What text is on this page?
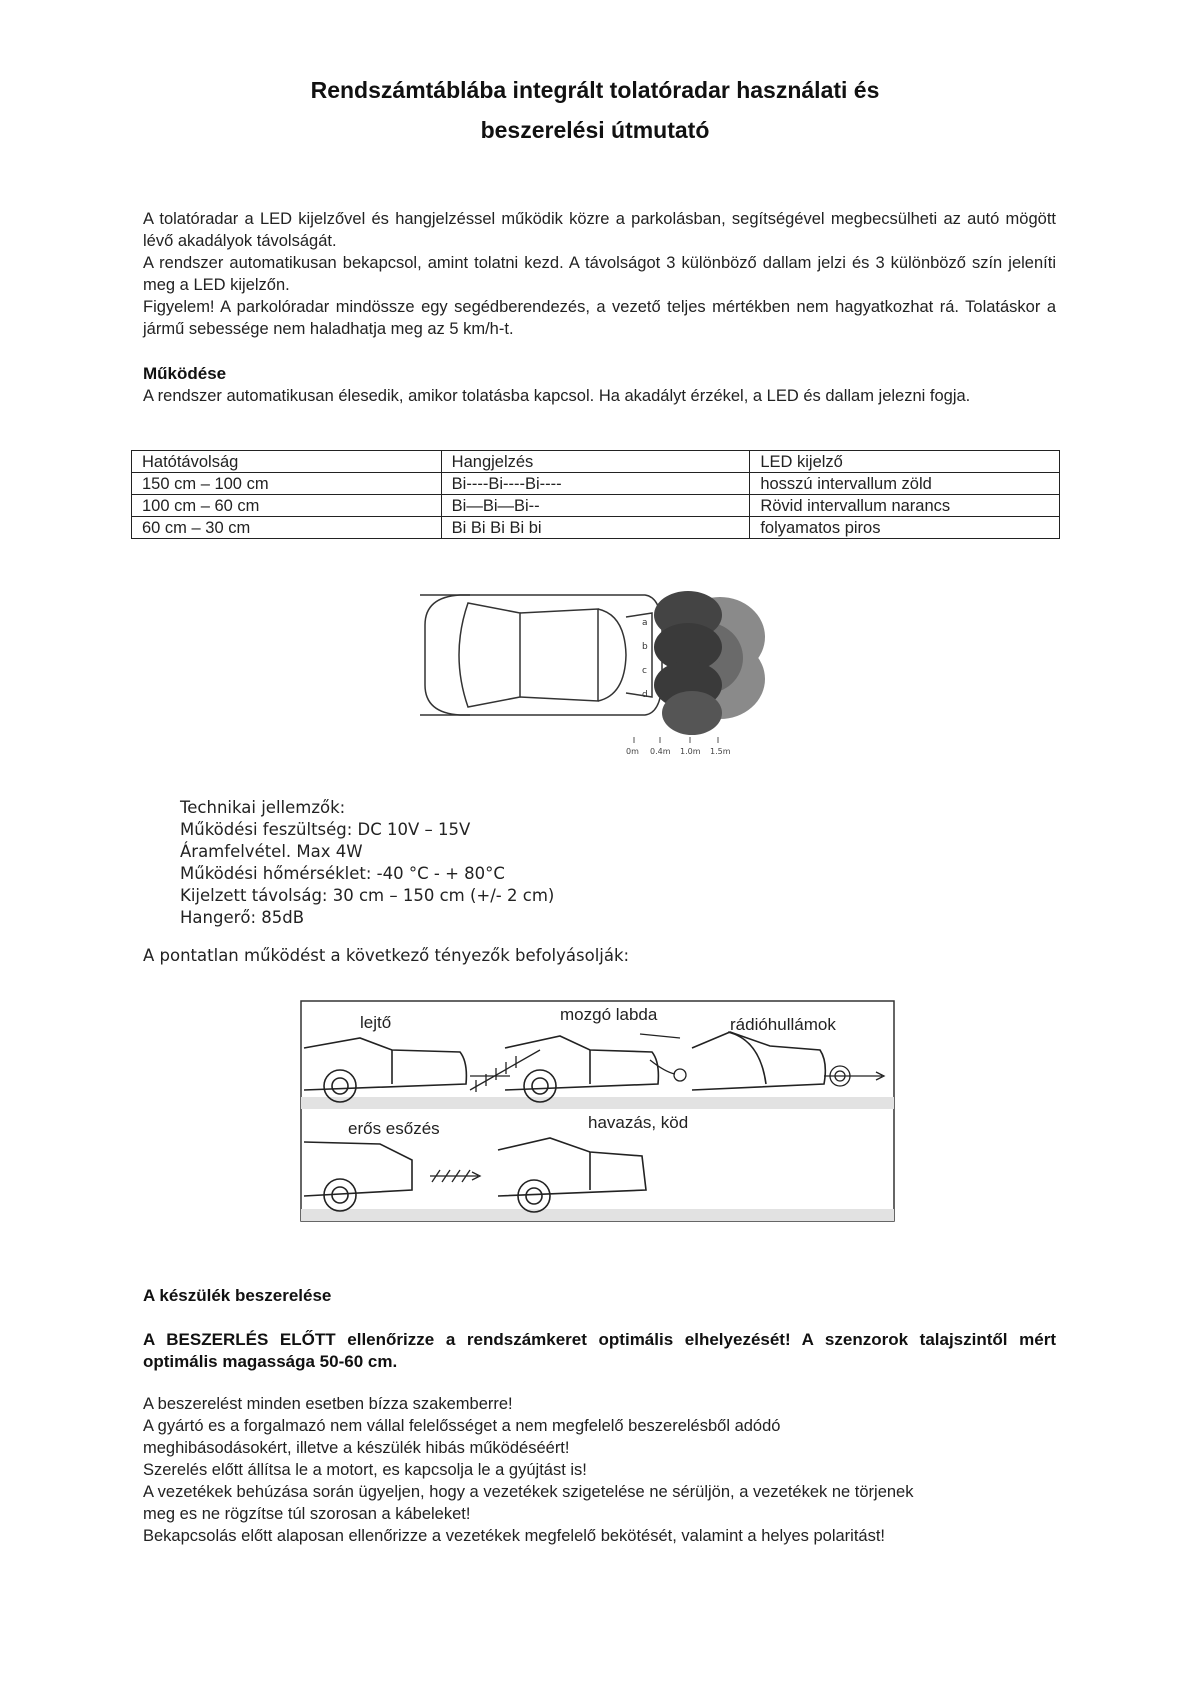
Rendszámtáblába integrált tolatóradar használati és
beszerelési útmutató
A tolatóradar a LED kijelzővel és hangjelzéssel működik közre a parkolásban, segítségével megbecsülheti az autó mögött lévő akadályok távolságát.
A rendszer automatikusan bekapcsol, amint tolatni kezd. A távolságot 3 különböző dallam jelzi és 3 különböző szín jeleníti meg a LED kijelzőn.
Figyelem! A parkolóradar mindössze egy segédberendezés, a vezető teljes mértékben nem hagyatkozhat rá. Tolatáskor a jármű sebessége nem haladhatja meg az 5 km/h-t.
Működése
A rendszer automatikusan élesedik, amikor tolatásba kapcsol. Ha akadályt érzékel, a LED és dallam jelezni fogja.
Hatótávolság	Hangjelzés	LED kijelző
150 cm – 100 cm	Bi----Bi----Bi----	hosszú intervallum zöld
100 cm – 60 cm	Bi—Bi—Bi--	Rövid intervallum narancs
60 cm – 30 cm	Bi Bi Bi Bi bi	folyamatos piros
a
b
c
d
0m 0.4m 1.0m 1.5m
Technikai jellemzők:
Működési feszültség: DC 10V – 15V
Áramfelvétel. Max 4W
Működési hőmérséklet: -40 °C - + 80°C
Kijelzett távolság: 30 cm – 150 cm (+/- 2 cm)
Hangerő: 85dB
A pontatlan működést a következő tényezők befolyásolják:
lejtő	mozgó labda
rádióhullámok
erős esőzés	havazás, köd
A készülék beszerelése
A BESZERLÉS ELŐTT ellenőrizze a rendszámkeret optimális elhelyezését! A szenzorok talajszintől mért optimális magassága 50-60 cm.
A beszerelést minden esetben bízza szakemberre!
A gyártó es a forgalmazó nem vállal felelősséget a nem megfelelő beszerelésből adódó meghibásodásokért, illetve a készülék hibás működéséért!
Szerelés előtt állítsa le a motort, es kapcsolja le a gyújtást is!
A vezetékek behúzása során ügyeljen, hogy a vezetékek szigetelése ne sérüljön, a vezetékek ne törjenek meg es ne rögzítse túl szorosan a kábeleket!
Bekapcsolás előtt alaposan ellenőrizze a vezetékek megfelelő bekötését, valamint a helyes polaritást!
